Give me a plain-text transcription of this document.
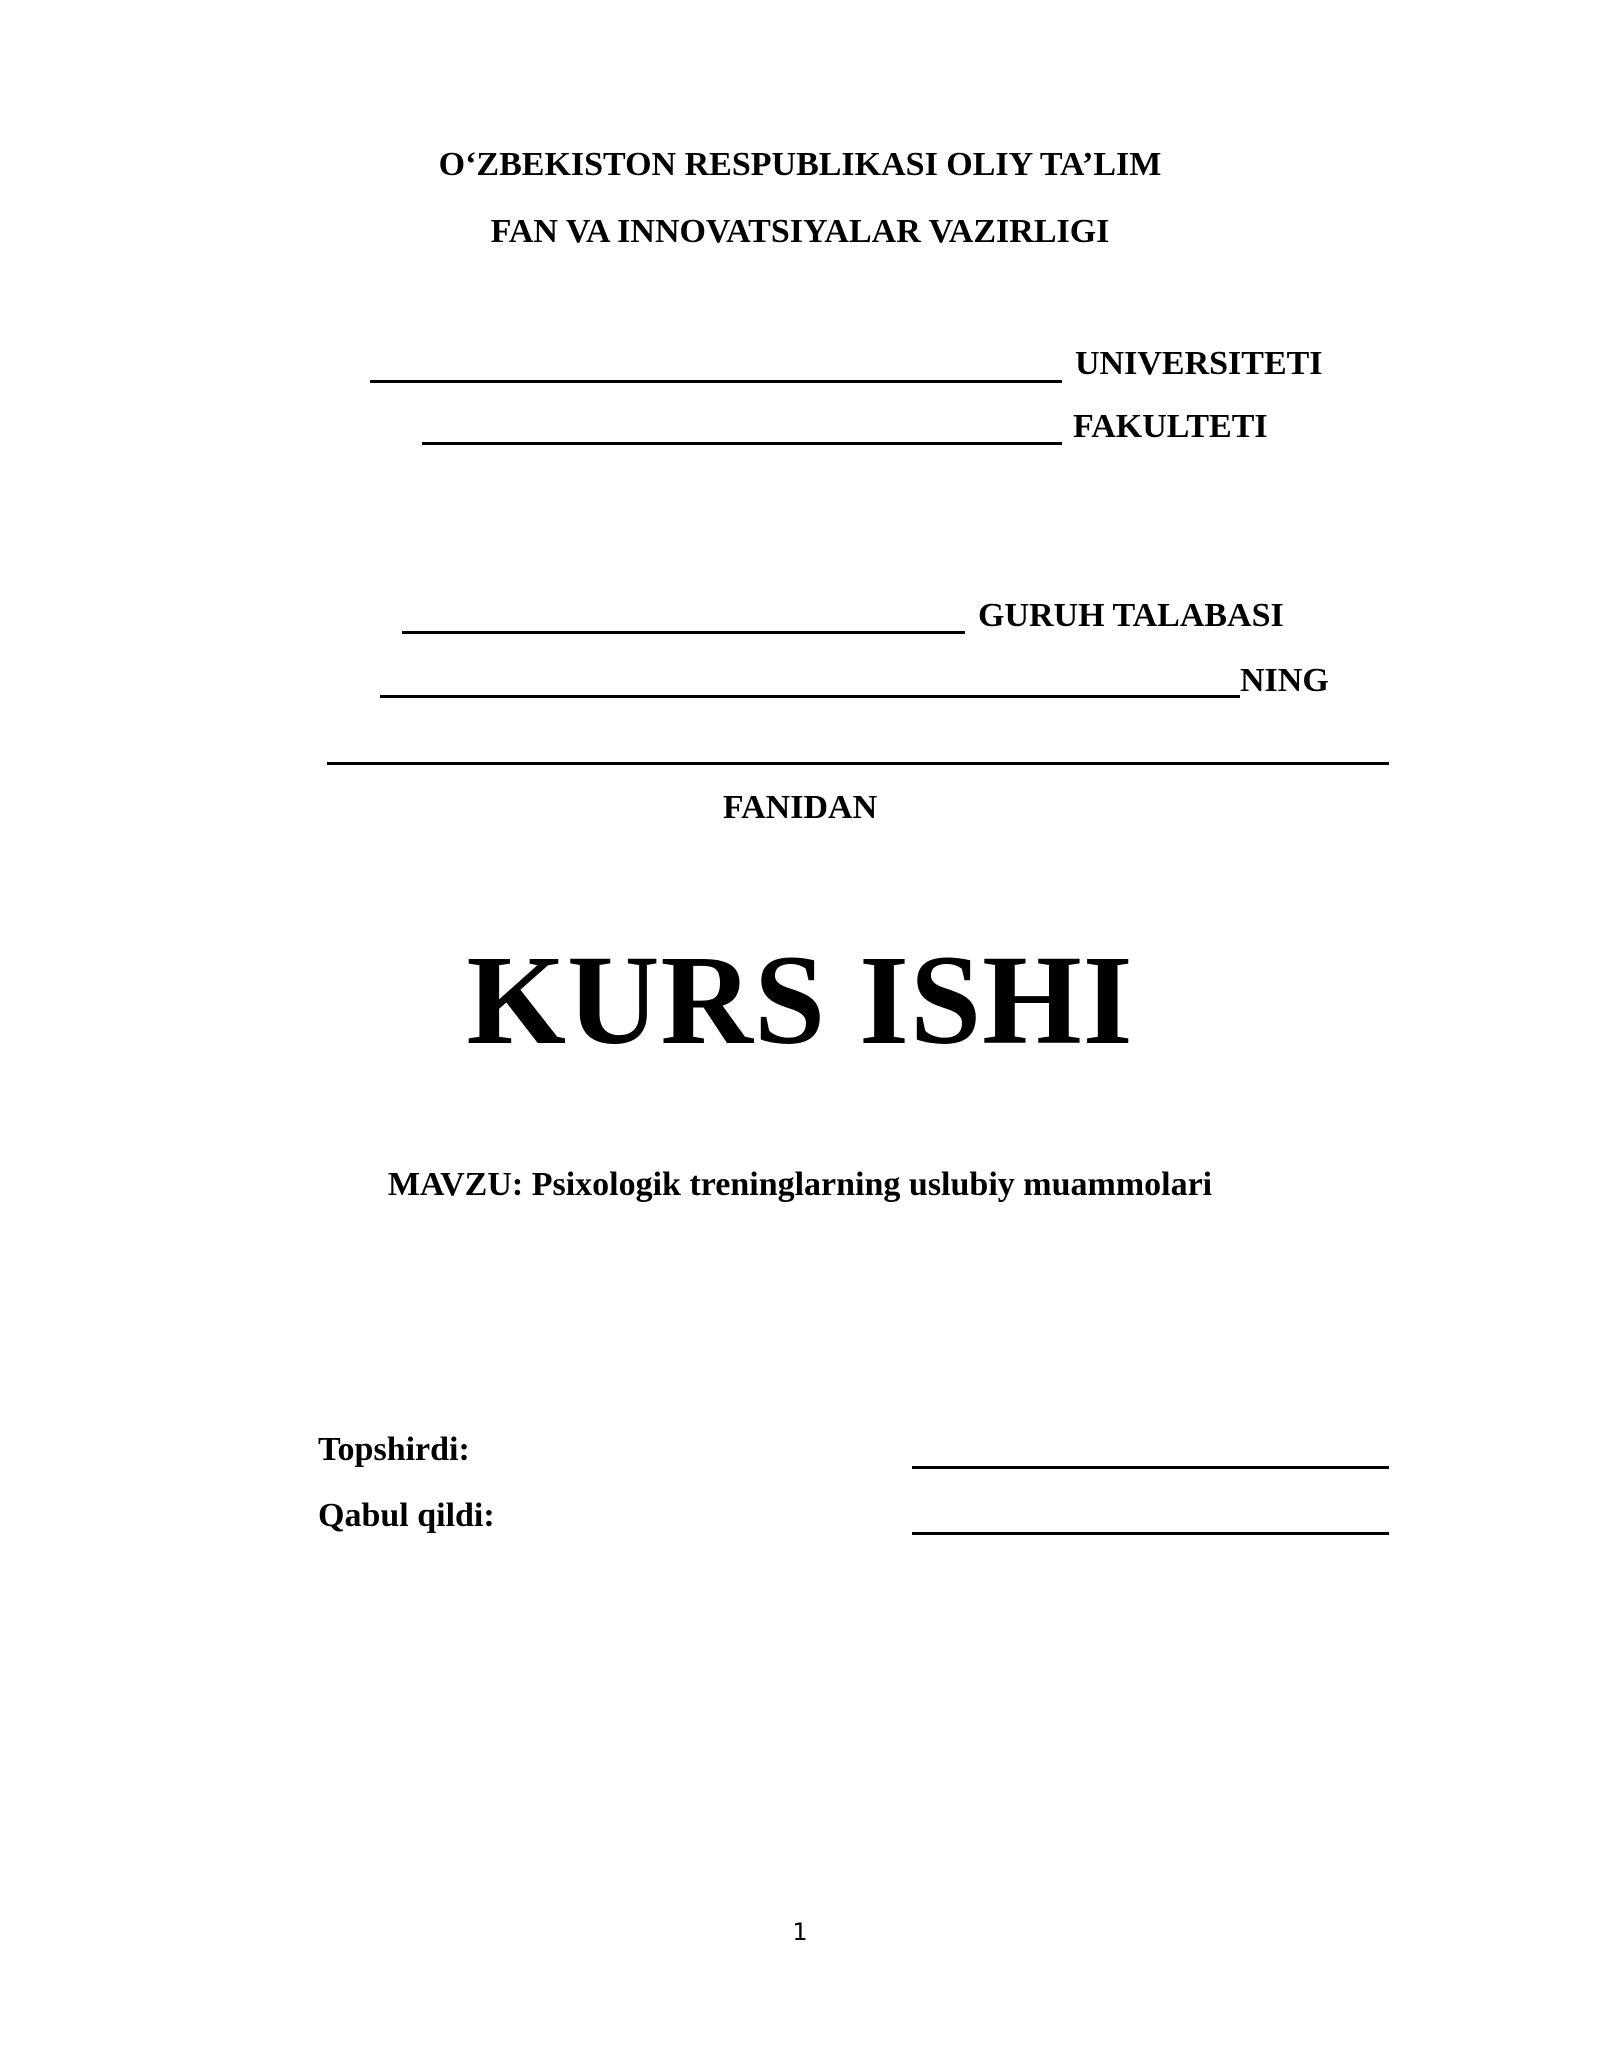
O‘ZBEKISTON RESPUBLIKASI OLIY TA’LIM
FAN VA INNOVATSIYALAR VAZIRLIGI
UNIVERSITETI
FAKULTETI
GURUH TALABASI
NING
FANIDAN
KURS ISHI
MAVZU: Psixologik treninglarning uslubiy muammolari
Topshirdi:
Qabul qildi:
1
